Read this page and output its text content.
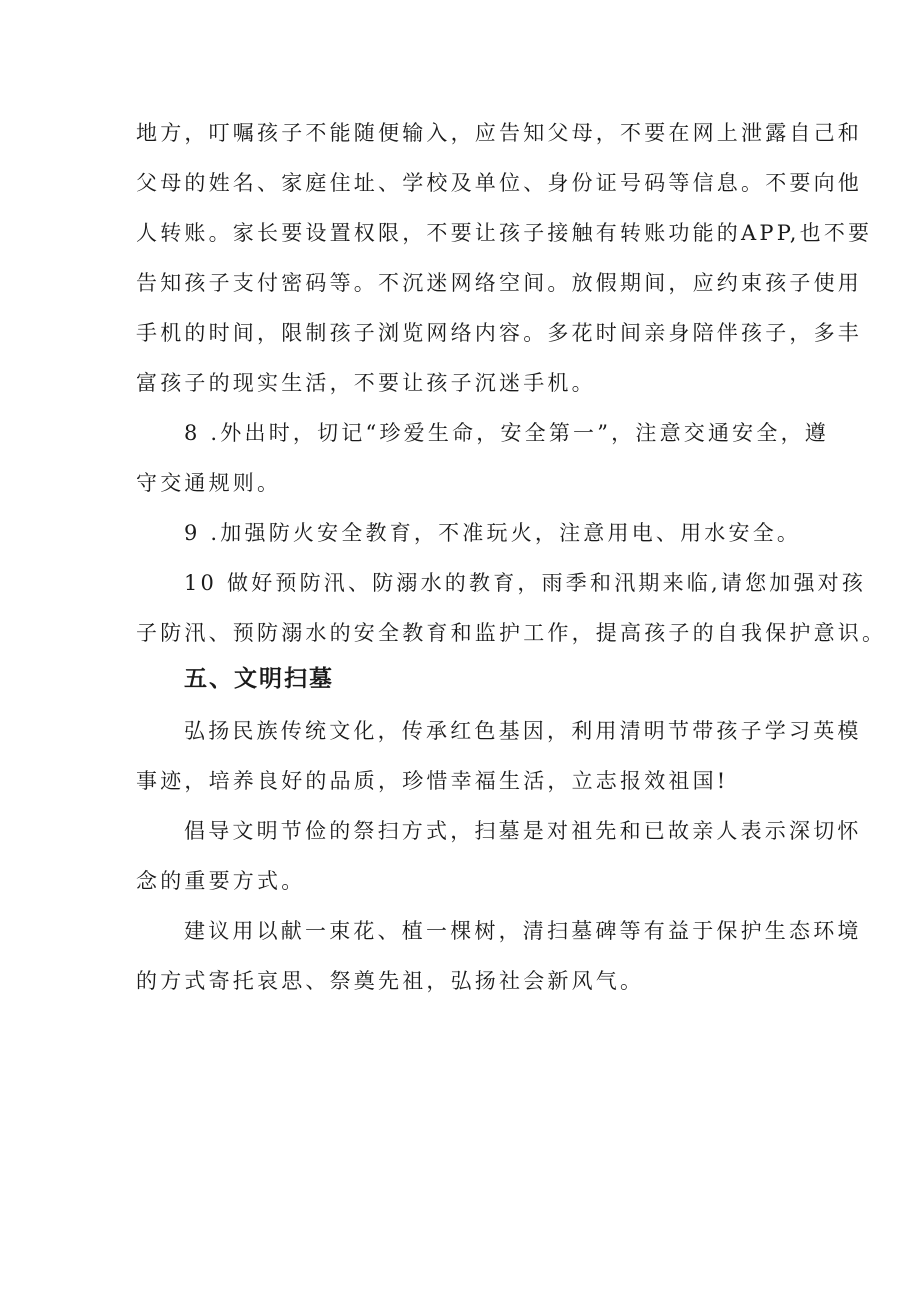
地方，叮嘱孩子不能随便输入，应告知父母，不要在网上泄露自己和

父母的姓名、家庭住址、学校及单位、身份证号码等信息。不要向他

人转账。家长要设置权限，不要让孩子接触有转账功能的APP,也不要

告知孩子支付密码等。不沉迷网络空间。放假期间，应约束孩子使用

手机的时间，限制孩子浏览网络内容。多花时间亲身陪伴孩子，多丰

富孩子的现实生活，不要让孩子沉迷手机。

8 .外出时，切记“珍爱生命，安全第一”，注意交通安全，遵

守交通规则。

9 .加强防火安全教育，不准玩火，注意用电、用水安全。

10 做好预防汛、防溺水的教育，雨季和汛期来临,请您加强对孩

子防汛、预防溺水的安全教育和监护工作，提高孩子的自我保护意识。

五、文明扫墓

弘扬民族传统文化，传承红色基因，利用清明节带孩子学习英模

事迹，培养良好的品质，珍惜幸福生活，立志报效祖国!

倡导文明节俭的祭扫方式，扫墓是对祖先和已故亲人表示深切怀

念的重要方式。

建议用以献一束花、植一棵树，清扫墓碑等有益于保护生态环境

的方式寄托哀思、祭奠先祖，弘扬社会新风气。
